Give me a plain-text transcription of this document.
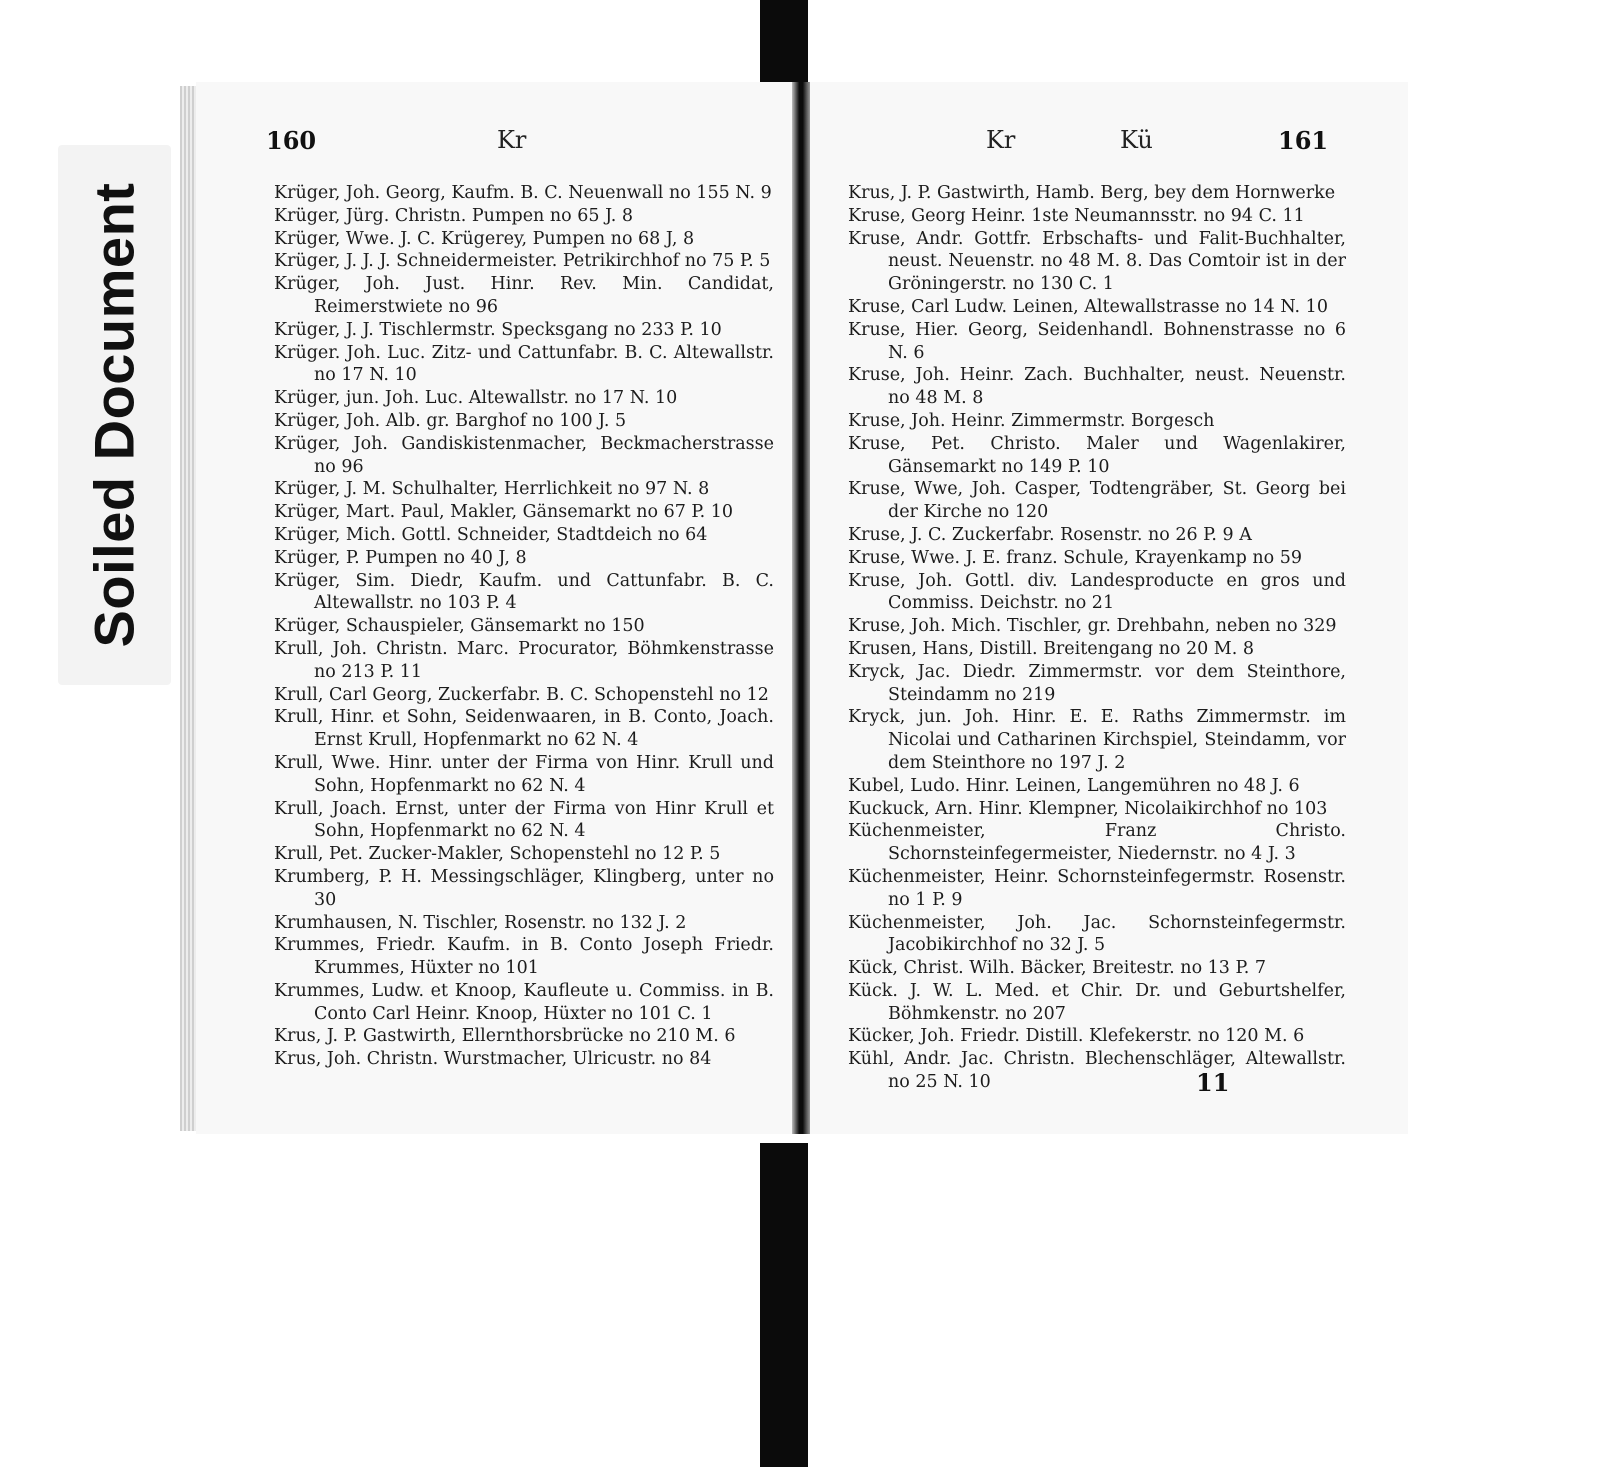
Soiled Document
160	Kr	Kr	Kü	161
Krüger, Joh. Georg, Kaufm. B. C. Neuenwall no 155 N. 9
Krüger, Jürg. Christn. Pumpen no 65 J. 8
Krüger, Wwe. J. C. Krügerey, Pumpen no 68 J, 8
Krüger, J. J. J. Schneidermeister. Petrikirchhof no 75 P. 5
Krüger, Joh. Just. Hinr. Rev. Min. Candidat, Reimerstwiete no 96
Krüger, J. J. Tischlermstr. Specksgang no 233 P. 10
Krüger. Joh. Luc. Zitz- und Cattunfabr. B. C. Altewallstr. no 17 N. 10
Krüger, jun. Joh. Luc. Altewallstr. no 17 N. 10
Krüger, Joh. Alb. gr. Barghof no 100 J. 5
Krüger, Joh. Gandiskistenmacher, Beckmacherstrasse no 96
Krüger, J. M. Schulhalter, Herrlichkeit no 97 N. 8
Krüger, Mart. Paul, Makler, Gänsemarkt no 67 P. 10
Krüger, Mich. Gottl. Schneider, Stadtdeich no 64
Krüger, P. Pumpen no 40 J, 8
Krüger, Sim. Diedr, Kaufm. und Cattunfabr. B. C. Altewallstr. no 103 P. 4
Krüger, Schauspieler, Gänsemarkt no 150
Krull, Joh. Christn. Marc. Procurator, Böhmkenstrasse no 213 P. 11
Krull, Carl Georg, Zuckerfabr. B. C. Schopenstehl no 12
Krull, Hinr. et Sohn, Seidenwaaren, in B. Conto, Joach. Ernst Krull, Hopfenmarkt no 62 N. 4
Krull, Wwe. Hinr. unter der Firma von Hinr. Krull und Sohn, Hopfenmarkt no 62 N. 4
Krull, Joach. Ernst, unter der Firma von Hinr Krull et Sohn, Hopfenmarkt no 62 N. 4
Krull, Pet. Zucker-Makler, Schopenstehl no 12 P. 5
Krumberg, P. H. Messingschläger, Klingberg, unter no 30
Krumhausen, N. Tischler, Rosenstr. no 132 J. 2
Krummes, Friedr. Kaufm. in B. Conto Joseph Friedr. Krummes, Hüxter no 101
Krummes, Ludw. et Knoop, Kaufleute u. Commiss. in B. Conto Carl Heinr. Knoop, Hüxter no 101 C. 1
Krus, J. P. Gastwirth, Ellernthorsbrücke no 210 M. 6
Krus, Joh. Christn. Wurstmacher, Ulricustr. no 84
Krus, J. P. Gastwirth, Hamb. Berg, bey dem Hornwerke
Kruse, Georg Heinr. 1ste Neumannsstr. no 94 C. 11
Kruse, Andr. Gottfr. Erbschafts- und Falit-Buchhalter, neust. Neuenstr. no 48 M. 8. Das Comtoir ist in der Gröningerstr. no 130 C. 1
Kruse, Carl Ludw. Leinen, Altewallstrasse no 14 N. 10
Kruse, Hier. Georg, Seidenhandl. Bohnenstrasse no 6 N. 6
Kruse, Joh. Heinr. Zach. Buchhalter, neust. Neuenstr. no 48 M. 8
Kruse, Joh. Heinr. Zimmermstr. Borgesch
Kruse, Pet. Christo. Maler und Wagenlakirer, Gänsemarkt no 149 P. 10
Kruse, Wwe, Joh. Casper, Todtengräber, St. Georg bei der Kirche no 120
Kruse, J. C. Zuckerfabr. Rosenstr. no 26 P. 9 A
Kruse, Wwe. J. E. franz. Schule, Krayenkamp no 59
Kruse, Joh. Gottl. div. Landesproducte en gros und Commiss. Deichstr. no 21
Kruse, Joh. Mich. Tischler, gr. Drehbahn, neben no 329
Krusen, Hans, Distill. Breitengang no 20 M. 8
Kryck, Jac. Diedr. Zimmermstr. vor dem Steinthore, Steindamm no 219
Kryck, jun. Joh. Hinr. E. E. Raths Zimmermstr. im Nicolai und Catharinen Kirchspiel, Steindamm, vor dem Steinthore no 197 J. 2
Kubel, Ludo. Hinr. Leinen, Langemühren no 48 J. 6
Kuckuck, Arn. Hinr. Klempner, Nicolaikirchhof no 103
Küchenmeister, Franz Christo. Schornsteinfegermeister, Niedernstr. no 4 J. 3
Küchenmeister, Heinr. Schornsteinfegermstr. Rosenstr. no 1 P. 9
Küchenmeister, Joh. Jac. Schornsteinfegermstr. Jacobikirchhof no 32 J. 5
Kück, Christ. Wilh. Bäcker, Breitestr. no 13 P. 7
Kück. J. W. L. Med. et Chir. Dr. und Geburtshelfer, Böhmkenstr. no 207
Kücker, Joh. Friedr. Distill. Klefekerstr. no 120 M. 6
Kühl, Andr. Jac. Christn. Blechenschläger, Altewallstr. no 25 N. 10	11
